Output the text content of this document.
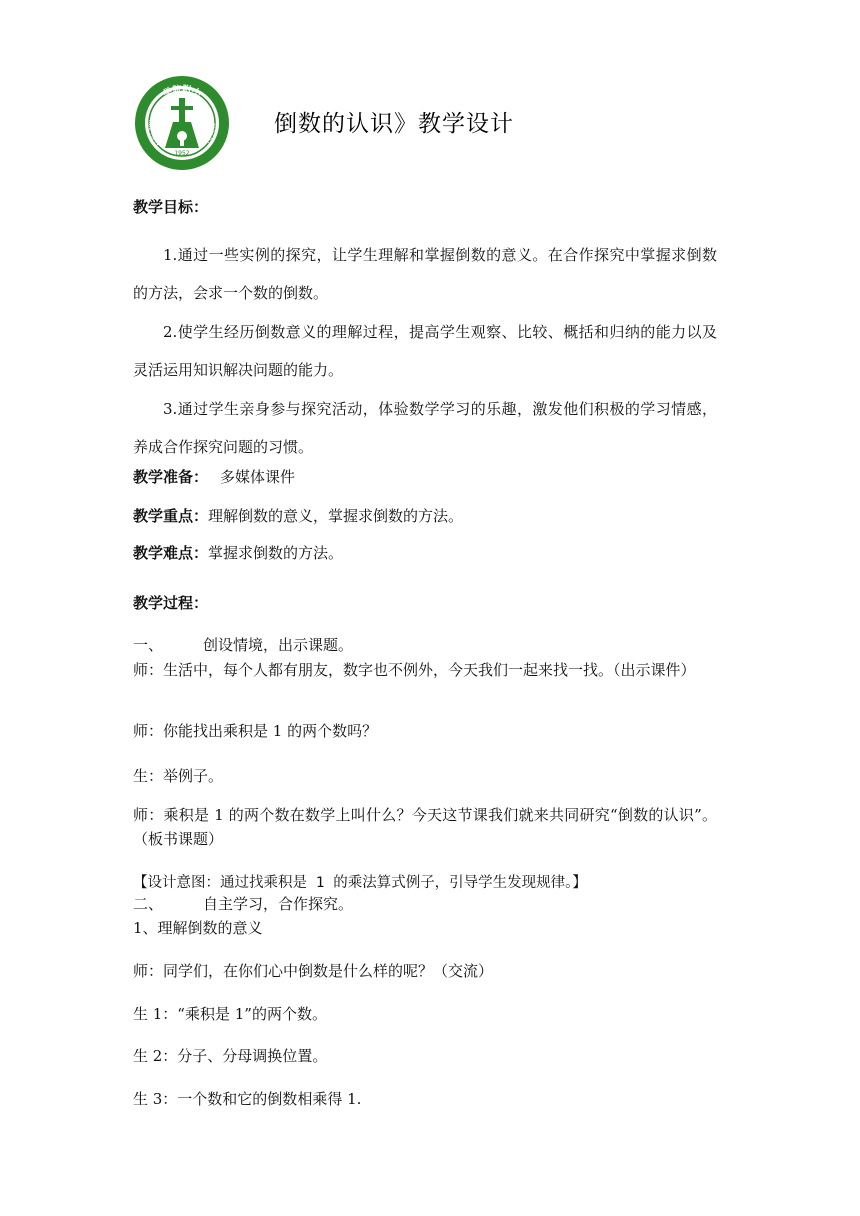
学院附小
XUE YUAN	FU XIAO
1952
倒数的认识》教学设计
教学目标：
1.通过一些实例的探究，让学生理解和掌握倒数的意义。在合作探究中掌握求倒数的方法，会求一个数的倒数。
2.使学生经历倒数意义的理解过程，提高学生观察、比较、概括和归纳的能力以及灵活运用知识解决问题的能力。
3.通过学生亲身参与探究活动，体验数学学习的乐趣，激发他们积极的学习情感，养成合作探究问题的习惯。
教学准备： 多媒体课件
教学重点：理解倒数的意义，掌握求倒数的方法。
教学难点：掌握求倒数的方法。
教学过程：
一、	创设情境，出示课题。
师：生活中，每个人都有朋友，数字也不例外，今天我们一起来找一找。（出示课件）
师：你能找出乘积是 1 的两个数吗？
生：举例子。
师：乘积是 1 的两个数在数学上叫什么？今天这节课我们就来共同研究“倒数的认识”。（板书课题）
【设计意图：通过找乘积是 1 的乘法算式例子，引导学生发现规律。】
二、	自主学习，合作探究。
1、理解倒数的意义
师：同学们，在你们心中倒数是什么样的呢？（交流）
生 1：“乘积是 1”的两个数。
生 2：分子、分母调换位置。
生 3：一个数和它的倒数相乘得 1.
